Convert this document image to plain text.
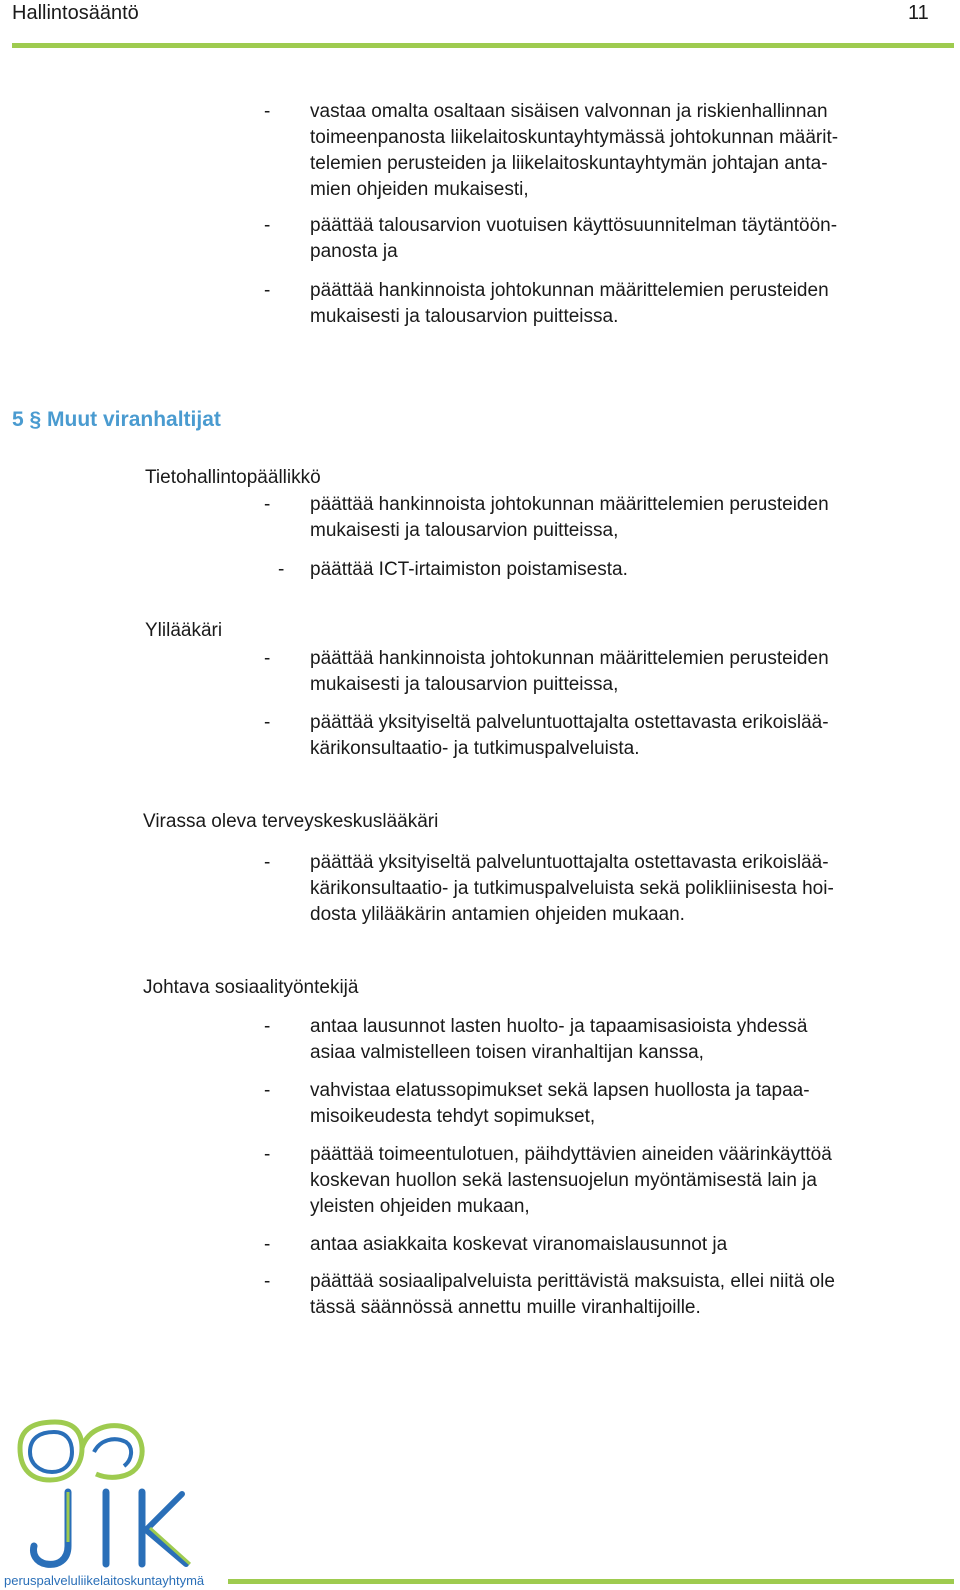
Hallintosääntö	11
- vastaa omalta osaltaan sisäisen valvonnan ja riskienhallinnan
toimeenpanosta liikelaitoskuntayhtymässä johtokunnan määrit-
telemien perusteiden ja liikelaitoskuntayhtymän johtajan anta-
mien ohjeiden mukaisesti,
- päättää talousarvion vuotuisen käyttösuunnitelman täytäntöön-
panosta ja
- päättää hankinnoista johtokunnan määrittelemien perusteiden
mukaisesti ja talousarvion puitteissa.
5 § Muut viranhaltijat
Tietohallintopäällikkö
- päättää hankinnoista johtokunnan määrittelemien perusteiden
mukaisesti ja talousarvion puitteissa,
- päättää ICT-irtaimiston poistamisesta.
Ylilääkäri
- päättää hankinnoista johtokunnan määrittelemien perusteiden
mukaisesti ja talousarvion puitteissa,
- päättää yksityiseltä palveluntuottajalta ostettavasta erikoislää-
kärikonsultaatio- ja tutkimuspalveluista.
Virassa oleva terveyskeskuslääkäri
- päättää yksityiseltä palveluntuottajalta ostettavasta erikoislää-
kärikonsultaatio- ja tutkimuspalveluista sekä polikliinisesta hoi-
dosta ylilääkärin antamien ohjeiden mukaan.
Johtava sosiaalityöntekijä
- antaa lausunnot lasten huolto- ja tapaamisasioista yhdessä
asiaa valmistelleen toisen viranhaltijan kanssa,
- vahvistaa elatussopimukset sekä lapsen huollosta ja tapaa-
misoikeudesta tehdyt sopimukset,
- päättää toimeentulotuen, päihdyttävien aineiden väärinkäyttöä
koskevan huollon sekä lastensuojelun myöntämisestä lain ja
yleisten ohjeiden mukaan,
- antaa asiakkaita koskevat viranomaislausunnot ja
- päättää sosiaalipalveluista perittävistä maksuista, ellei niitä ole
tässä säännössä annettu muille viranhaltijoille.
JIK
peruspalveluliikelaitoskuntayhtymä
